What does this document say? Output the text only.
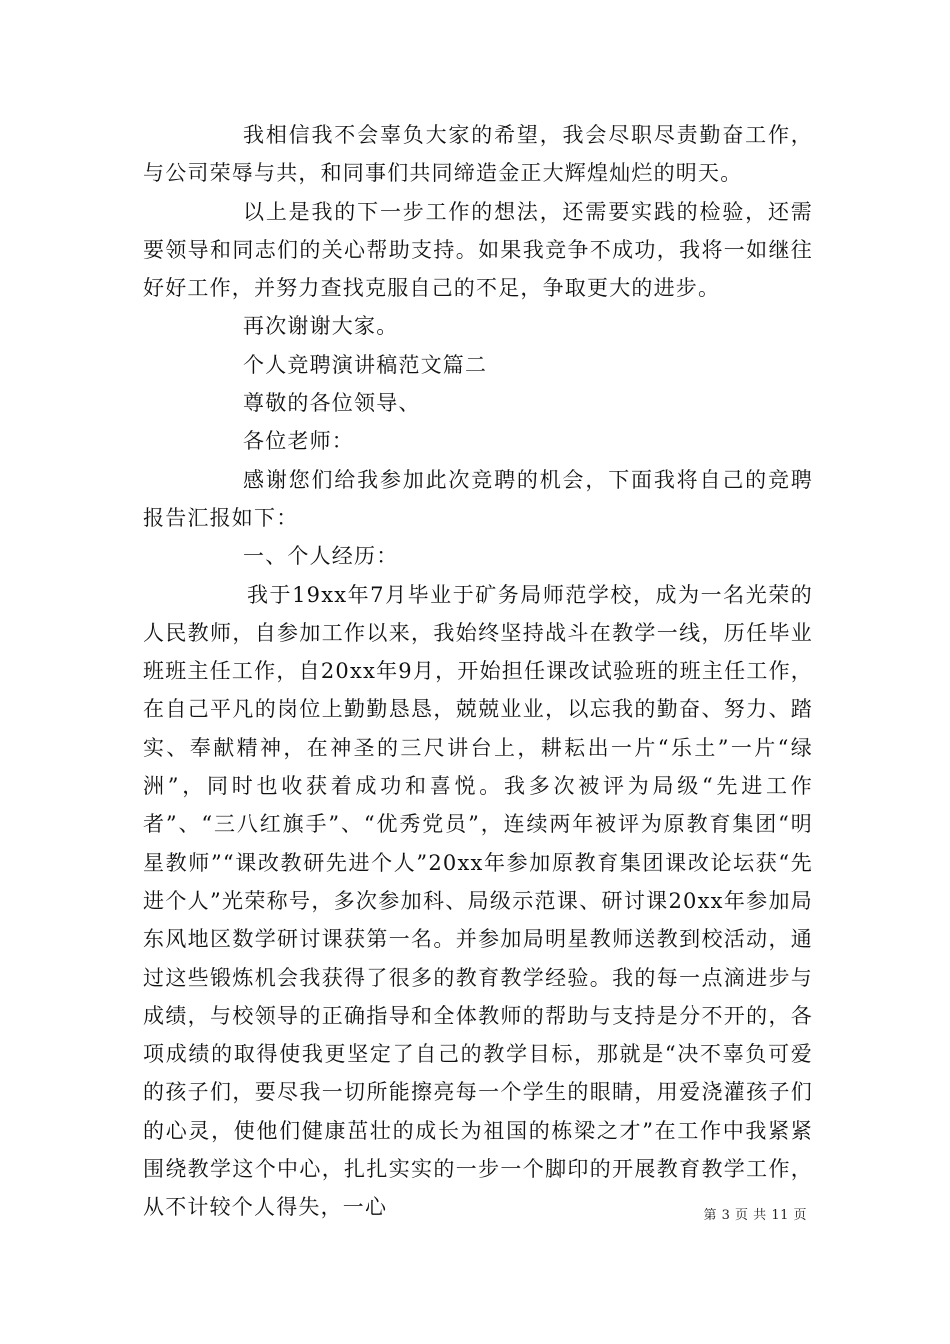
我相信我不会辜负大家的希望，我会尽职尽责勤奋工作，与公司荣辱与共，和同事们共同缔造金正大辉煌灿烂的明天。

以上是我的下一步工作的想法，还需要实践的检验，还需要领导和同志们的关心帮助支持。如果我竞争不成功，我将一如继往好好工作，并努力查找克服自己的不足，争取更大的进步。

再次谢谢大家。

个人竞聘演讲稿范文篇二

尊敬的各位领导、

各位老师：

感谢您们给我参加此次竞聘的机会，下面我将自己的竞聘报告汇报如下：

一、个人经历：

我于19xx年7月毕业于矿务局师范学校，成为一名光荣的人民教师，自参加工作以来，我始终坚持战斗在教学一线，历任毕业班班主任工作，自20xx年9月，开始担任课改试验班的班主任工作，在自己平凡的岗位上勤勤恳恳，兢兢业业，以忘我的勤奋、努力、踏实、奉献精神，在神圣的三尺讲台上，耕耘出一片“乐土”一片“绿洲”，同时也收获着成功和喜悦。我多次被评为局级“先进工作者”、“三八红旗手”、“优秀党员”，连续两年被评为原教育集团“明星教师”“课改教研先进个人”20xx年参加原教育集团课改论坛获“先进个人”光荣称号，多次参加科、局级示范课、研讨课20xx年参加局东风地区数学研讨课获第一名。并参加局明星教师送教到校活动，通过这些锻炼机会我获得了很多的教育教学经验。我的每一点滴进步与成绩，与校领导的正确指导和全体教师的帮助与支持是分不开的，各项成绩的取得使我更坚定了自己的教学目标，那就是“决不辜负可爱的孩子们，要尽我一切所能擦亮每一个学生的眼睛，用爱浇灌孩子们的心灵，使他们健康茁壮的成长为祖国的栋梁之才”在工作中我紧紧围绕教学这个中心，扎扎实实的一步一个脚印的开展教育教学工作，从不计较个人得失，一心	第 3 页 共 11 页
